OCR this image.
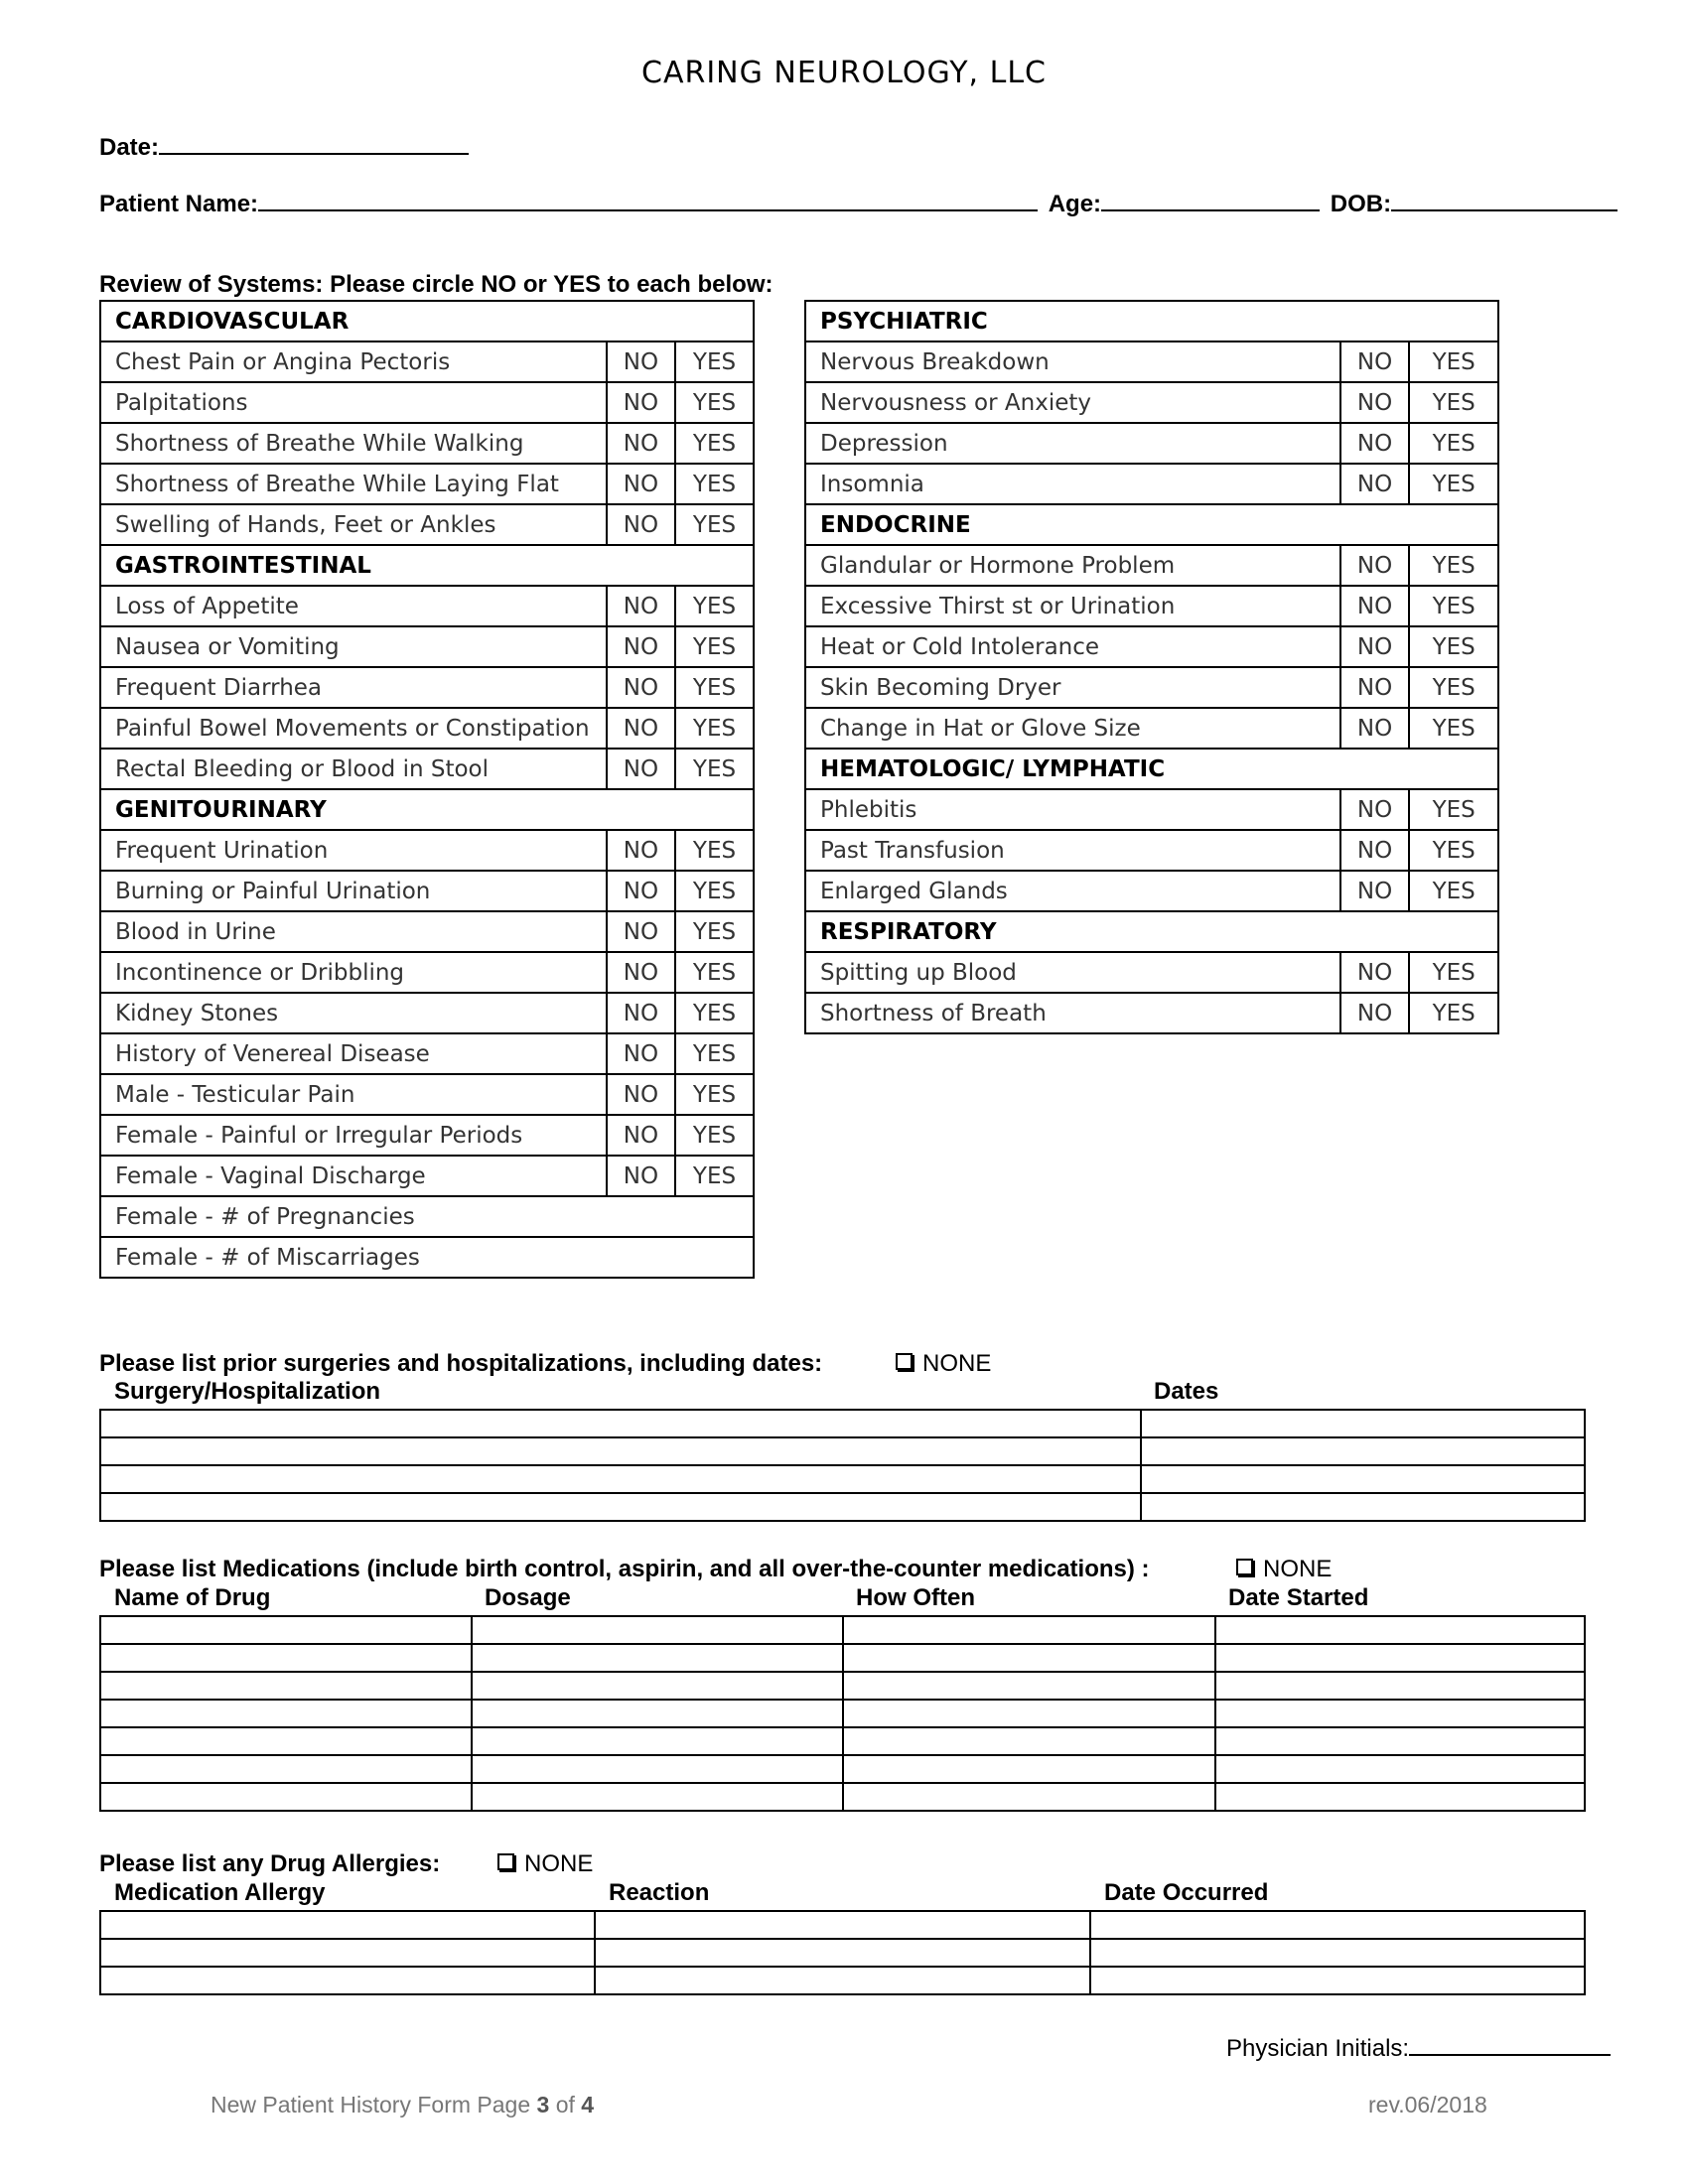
CARING NEUROLOGY, LLC
Date:
Patient Name:	Age:	DOB:
Review of Systems: Please circle NO or YES to each below:
CARDIOVASCULAR		
Chest Pain or Angina Pectoris	NO	YES
Palpitations	NO	YES
Shortness of Breathe While Walking	NO	YES
Shortness of Breathe While Laying Flat	NO	YES
Swelling of Hands, Feet or Ankles	NO	YES
GASTROINTESTINAL		
Loss of Appetite	NO	YES
Nausea or Vomiting	NO	YES
Frequent Diarrhea	NO	YES
Painful Bowel Movements or Constipation	NO	YES
Rectal Bleeding or Blood in Stool	NO	YES
GENITOURINARY		
Frequent Urination	NO	YES
Burning or Painful Urination	NO	YES
Blood in Urine	NO	YES
Incontinence or Dribbling	NO	YES
Kidney Stones	NO	YES
History of Venereal Disease	NO	YES
Male - Testicular Pain	NO	YES
Female - Painful or Irregular Periods	NO	YES
Female - Vaginal Discharge	NO	YES
Female - # of Pregnancies		
Female - # of Miscarriages		
PSYCHIATRIC		
Nervous Breakdown	NO	YES
Nervousness or Anxiety	NO	YES
Depression	NO	YES
Insomnia	NO	YES
ENDOCRINE		
Glandular or Hormone Problem	NO	YES
Excessive Thirst st or Urination	NO	YES
Heat or Cold Intolerance	NO	YES
Skin Becoming Dryer	NO	YES
Change in Hat or Glove Size	NO	YES
HEMATOLOGIC/ LYMPHATIC		
Phlebitis	NO	YES
Past Transfusion	NO	YES
Enlarged Glands	NO	YES
RESPIRATORY		
Spitting up Blood	NO	YES
Shortness of Breath	NO	YES
Please list prior surgeries and hospitalizations, including dates:	NONE
Surgery/Hospitalization	Dates

Please list Medications (include birth control, aspirin, and all over-the-counter medications) :	NONE
Name of Drug	Dosage	How Often	Date Started

Please list any Drug Allergies:	NONE
Medication Allergy	Reaction	Date Occurred

Physician Initials:
New Patient History Form Page 3 of 4	rev.06/2018
